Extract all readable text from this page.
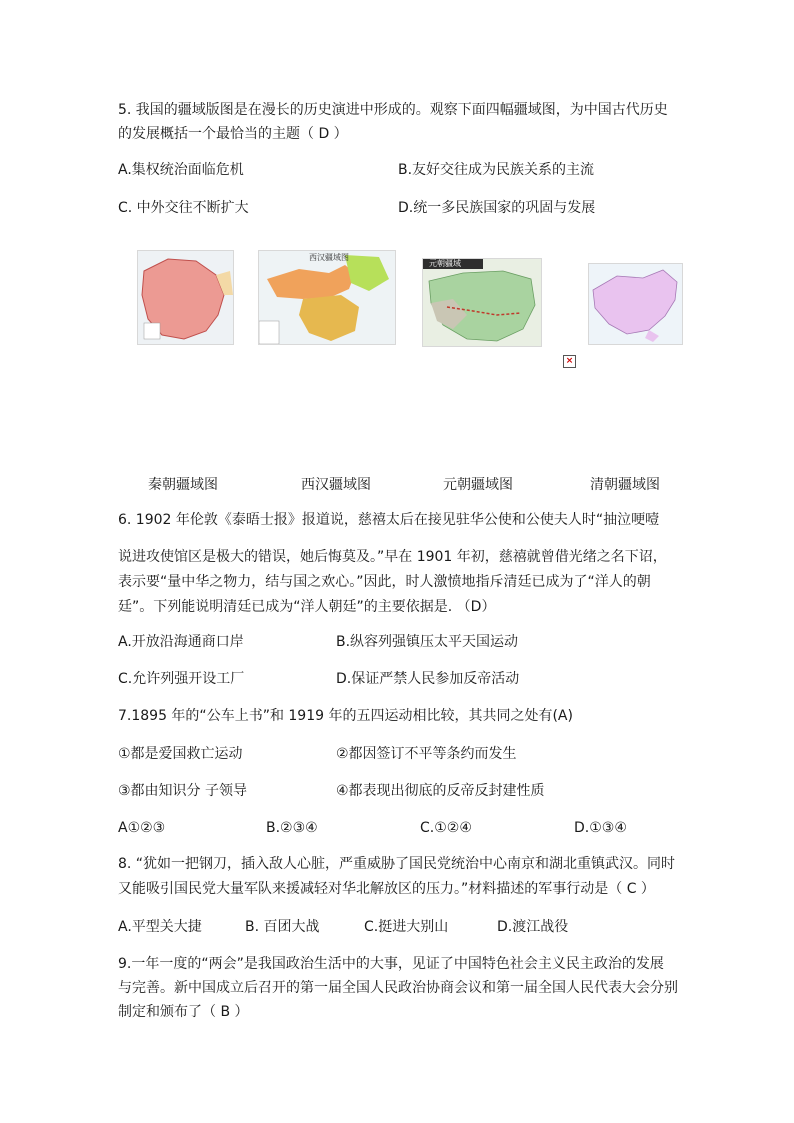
5. 我国的疆域版图是在漫长的历史演进中形成的。观察下面四幅疆域图，为中国古代历史
的发展概括一个最恰当的主题（ D ）
A.集权统治面临危机	B.友好交往成为民族关系的主流
C. 中外交往不断扩大	D.统一多民族国家的巩固与发展
西汉疆域图
元朝疆域
×
秦朝疆域图	西汉疆域图	元朝疆域图	清朝疆域图
6. 1902 年伦敦《泰晤士报》报道说，慈禧太后在接见驻华公使和公使夫人时“抽泣哽噎
说进攻使馆区是极大的错误，她后悔莫及。”早在 1901 年初，慈禧就曾借光绪之名下诏，
表示要“量中华之物力，结与国之欢心。”因此，时人激愤地指斥清廷已成为了“洋人的朝
廷”。下列能说明清廷已成为“洋人朝廷”的主要依据是. （D）
A.开放沿海通商口岸	B.纵容列强镇压太平天国运动
C.允许列强开设工厂	D.保证严禁人民参加反帝活动
7.1895 年的“公车上书”和 1919 年的五四运动相比较，其共同之处有(A)
①都是爱国救亡运动	②都因签订不平等条约而发生
③都由知识分 子领导	④都表现出彻底的反帝反封建性质
A①②③	B.②③④	C.①②④	D.①③④
8. “犹如一把钢刀，插入敌人心脏，严重威胁了国民党统治中心南京和湖北重镇武汉。同时
又能吸引国民党大量军队来援减轻对华北解放区的压力。”材料描述的军事行动是（ C ）
A.平型关大捷	B. 百团大战	C.挺进大别山	D.渡江战役
9.一年一度的“两会”是我国政治生活中的大事，见证了中国特色社会主义民主政治的发展
与完善。新中国成立后召开的第一届全国人民政治协商会议和第一届全国人民代表大会分别
制定和颁布了（ B ）
